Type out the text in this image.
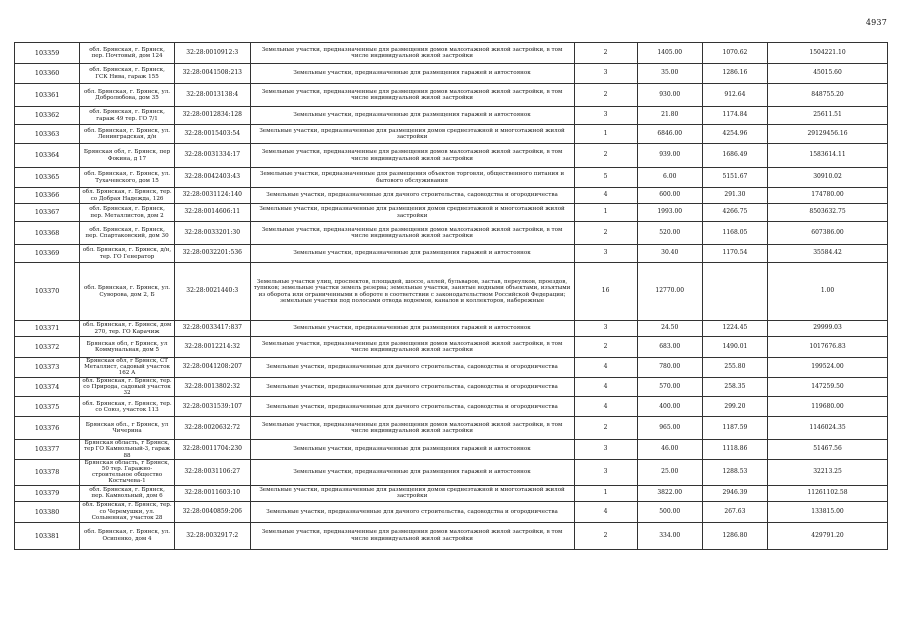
4937
103359	обл. Брянская, г. Брянск, пер. Почтовый, дом 124	32:28:0010912:3	Земельные участки, предназначенные для размещения домов малоэтажной жилой застройки, в том числе индивидуальной жилой застройки	2	1405.00	1070.62	1504221.10
103360	обл. Брянская, г. Брянск, ГСК Нива, гараж 155	32:28:0041508:213	Земельные участки, предназначенные для размещения гаражей и автостоянок	3	35.00	1286.16	45015.60
103361	обл. Брянская, г. Брянск, ул. Добролюбова, дом 35	32:28:0013138:4	Земельные участки, предназначенные для размещения домов малоэтажной жилой застройки, в том числе индивидуальной жилой застройки	2	930.00	912.64	848755.20
103362	обл. Брянская, г. Брянск, гараж 49 тер. ГО 7/1	32:28:0012834:128	Земельные участки, предназначенные для размещения гаражей и автостоянок	3	21.80	1174.84	25611.51
103363	обл. Брянская, г. Брянск, ул. Ленинградская, д/н	32:28:0015403:54	Земельные участки, предназначенные для размещения домов среднеэтажной и многоэтажной жилой застройки	1	6846.00	4254.96	29129456.16
103364	Брянская обл, г. Брянск, пер Фокина, д 17	32:28:0031334:17	Земельные участки, предназначенные для размещения домов малоэтажной жилой застройки, в том числе индивидуальной жилой застройки	2	939.00	1686.49	1583614.11
103365	обл. Брянская, г. Брянск, ул. Тухачевского, дом 15	32:28:0042403:43	Земельные участки, предназначенные для размещения объектов торговли, общественного питания и бытового обслуживания	5	6.00	5151.67	30910.02
103366	обл. Брянская, г. Брянск, тер. со Добрая Надежда, 126	32:28:0031124:140	Земельные участки, предназначенные для дачного строительства, садоводства и огородничества	4	600.00	291.30	174780.00
103367	обл. Брянская, г. Брянск, пер. Металлистов, дом 2	32:28:0014606:11	Земельные участки, предназначенные для размещения домов среднеэтажной и многоэтажной жилой застройки	1	1993.00	4266.75	8503632.75
103368	обл. Брянская, г. Брянск, пер. Спартаковский, дом 30	32:28:0033201:30	Земельные участки, предназначенные для размещения домов малоэтажной жилой застройки, в том числе индивидуальной жилой застройки	2	520.00	1168.05	607386.00
103369	обл. Брянская, г. Брянск, д/н, тер. ГО Генератор	32:28:0032201:536	Земельные участки, предназначенные для размещения гаражей и автостоянок	3	30.40	1170.54	35584.42
103370	обл. Брянская, г. Брянск, ул. Суворова, дом 2, Б	32:28:0021440:3	Земельные участки улиц, проспектов, площадей, шоссе, аллей, бульваров, застав, переулков, проездов, тупиков; земельные участки земель резерва; земельные участки, занятые водными объектами, изъятыми из оборота или ограниченными в обороте в соответствии с законодательством Российской Федерации; земельные участки под полосами отвода водоемов, каналов и коллекторов, набережные	16	12770.00		1.00
103371	обл. Брянская, г. Брянск, дом 270, тер. ГО Карачиж	32:28:0033417:837	Земельные участки, предназначенные для размещения гаражей и автостоянок	3	24.50	1224.45	29999.03
103372	Брянская обл, г Брянск, ул Коммунальная, дом 5	32:28:0012214:32	Земельные участки, предназначенные для размещения домов малоэтажной жилой застройки, в том числе индивидуальной жилой застройки	2	683.00	1490.01	1017676.83
103373	Брянская обл, г Брянск, СТ Металлист, садовый участок 162 А	32:28:0041208:207	Земельные участки, предназначенные для дачного строительства, садоводства и огородничества	4	780.00	255.80	199524.00
103374	обл. Брянская, г. Брянск, тер. со Природа, садовый участок 32	32:28:0013802:32	Земельные участки, предназначенные для дачного строительства, садоводства и огородничества	4	570.00	258.35	147259.50
103375	обл. Брянская, г. Брянск, тер. со Союз, участок 113	32:28:0031539:107	Земельные участки, предназначенные для дачного строительства, садоводства и огородничества	4	400.00	299.20	119680.00
103376	Брянская обл., г Брянск, ул Чичерина	32:28:0020632:72	Земельные участки, предназначенные для размещения домов малоэтажной жилой застройки, в том числе индивидуальной жилой застройки	2	965.00	1187.59	1146024.35
103377	Брянская область, г Брянск, тер ГО Камвольный-3, гараж 88	32:28:0011704:230	Земельные участки, предназначенные для размещения гаражей и автостоянок	3	46.00	1118.86	51467.56
103378	Брянская область, г Брянск, 50 тер. Гаражно-строительное общество Костычева-1	32:28:0031106:27	Земельные участки, предназначенные для размещения гаражей и автостоянок	3	25.00	1288.53	32213.25
103379	обл. Брянская, г. Брянск, пер. Камвольный, дом 6	32:28:0011603:10	Земельные участки, предназначенные для размещения домов среднеэтажной и многоэтажной жилой застройки	1	3822.00	2946.39	11261102.58
103380	обл. Брянская, г. Брянск, тер. со Черемушки, ул. Сольвенная, участок 28	32:28:0040859:206	Земельные участки, предназначенные для дачного строительства, садоводства и огородничества	4	500.00	267.63	133815.00
103381	обл. Брянская, г. Брянск, ул. Осипенко, дом 4	32:28:0032917:2	Земельные участки, предназначенные для размещения домов малоэтажной жилой застройки, в том числе индивидуальной жилой застройки	2	334.00	1286.80	429791.20
